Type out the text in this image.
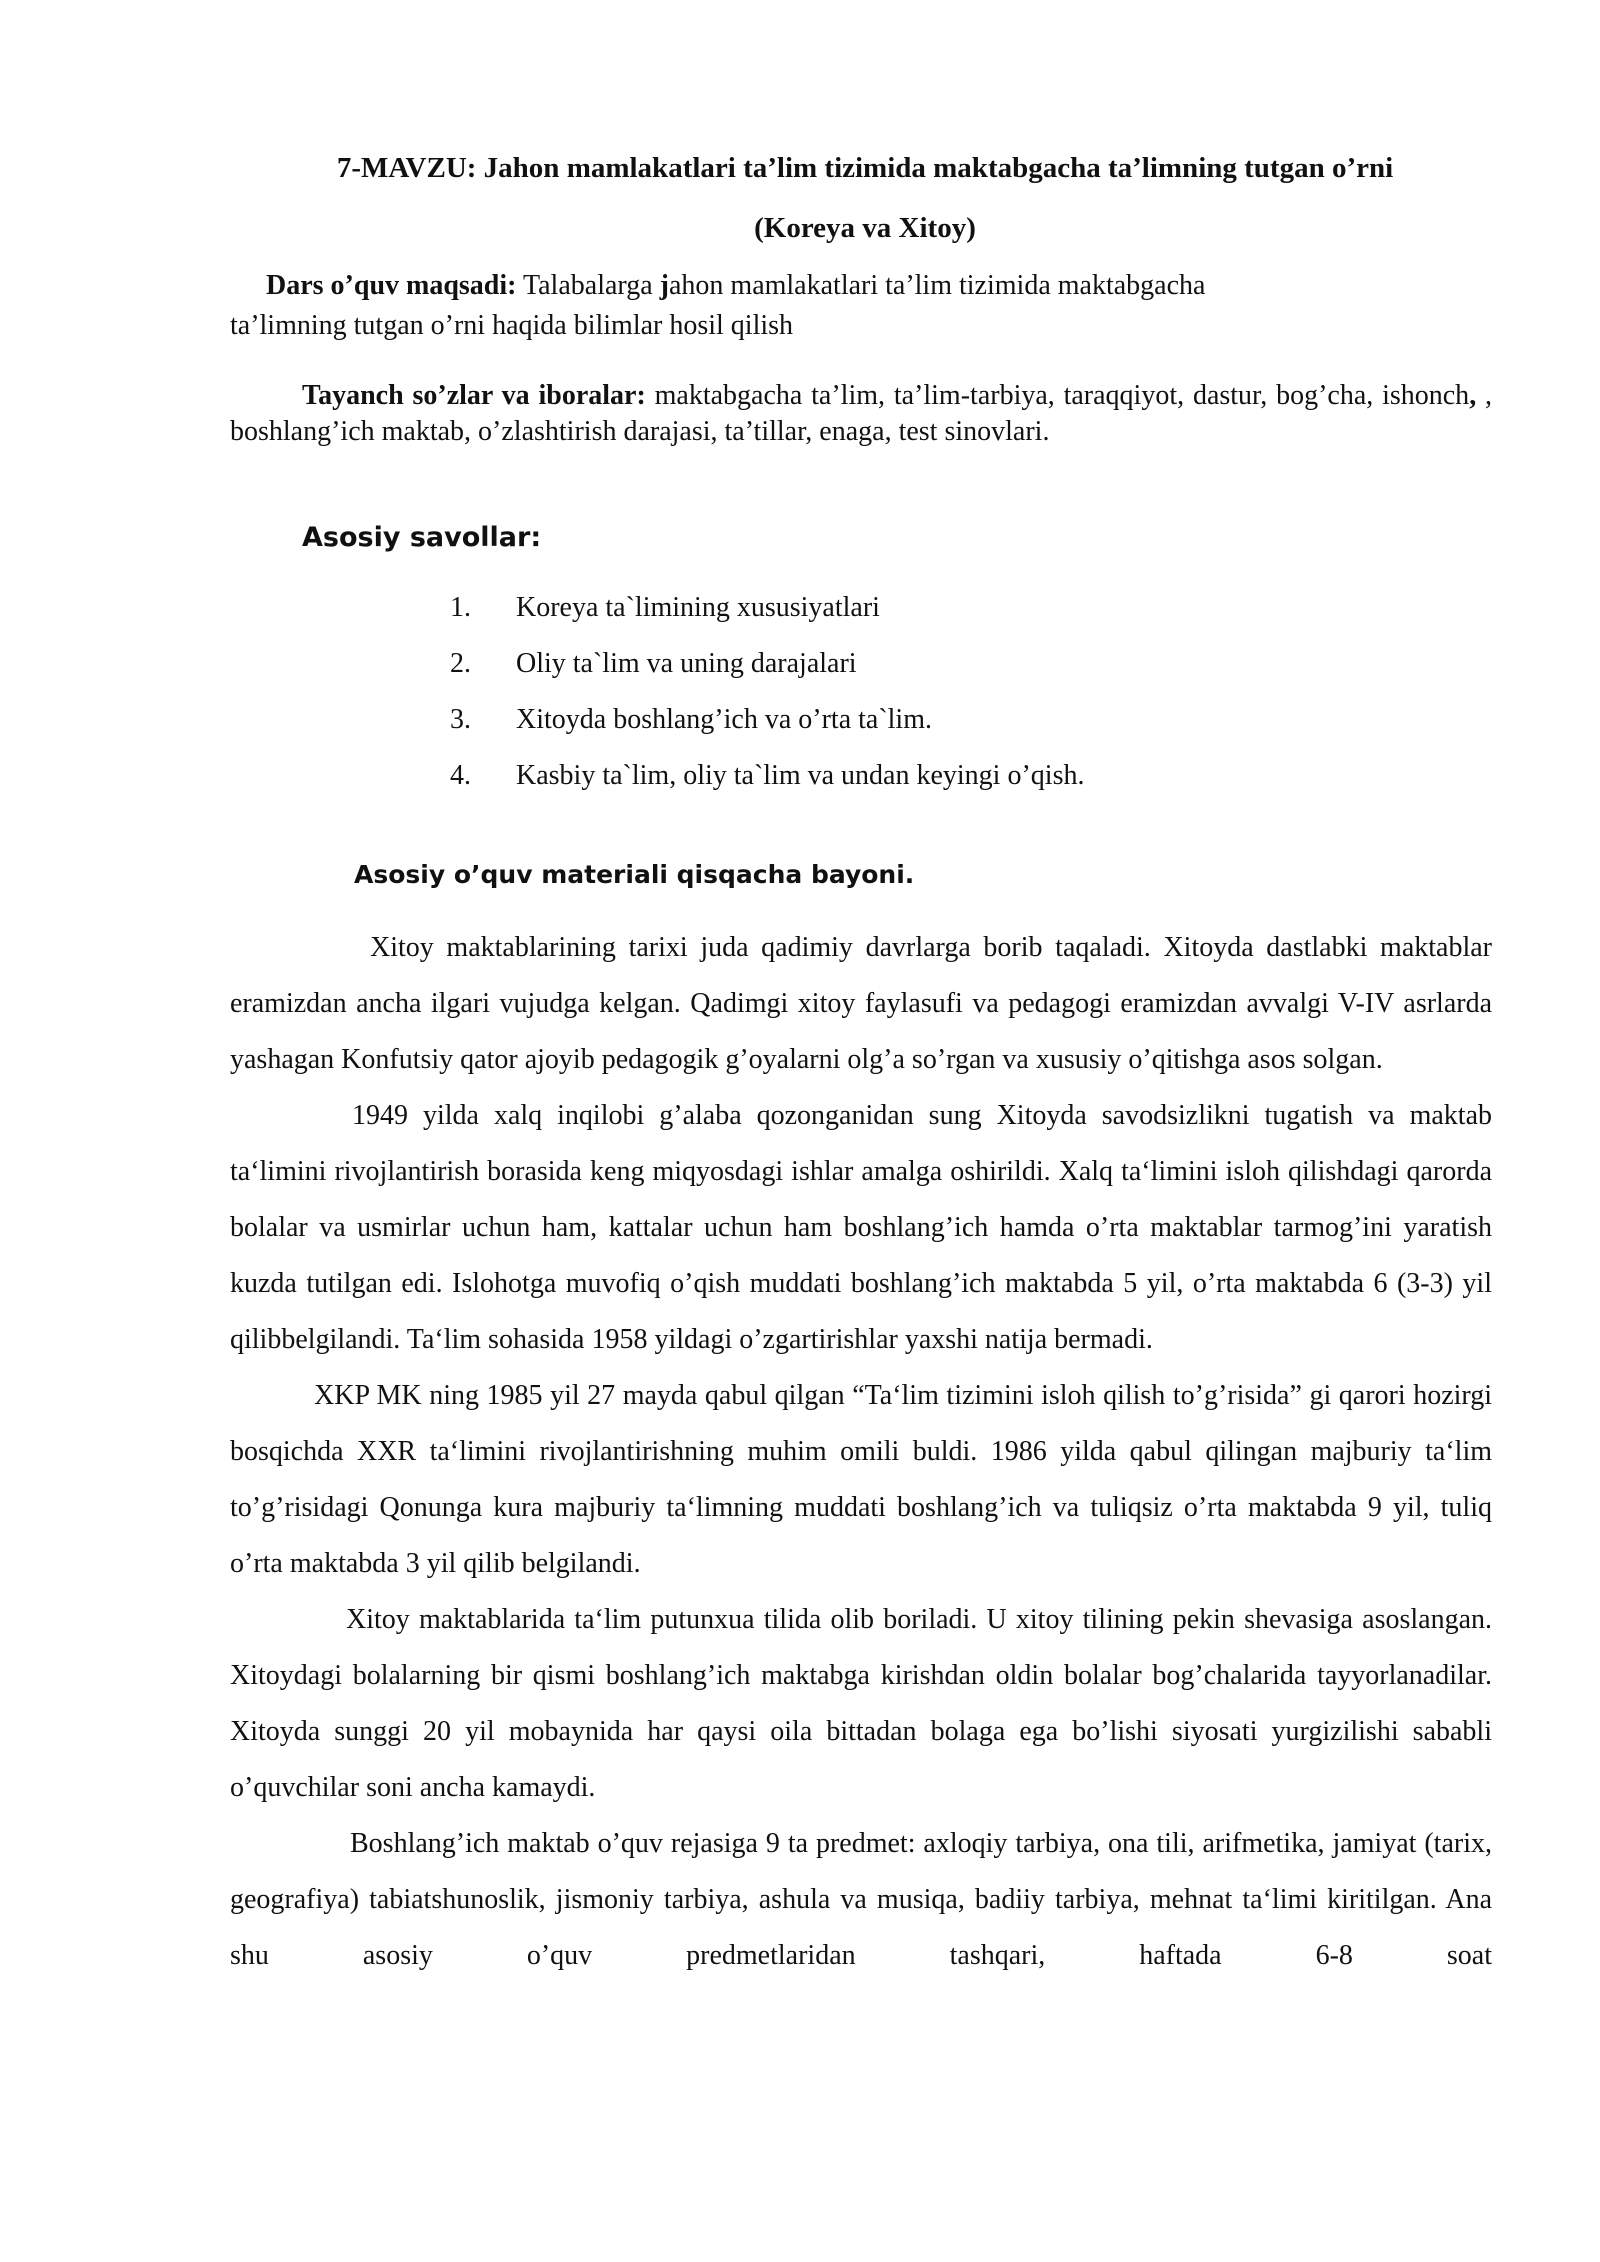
7-MAVZU: Jahon mamlakatlari ta’lim tizimida maktabgacha ta’limning tutgan o’rni
(Koreya va Xitoy)
Dars o’quv maqsadi: Talabalarga jahon mamlakatlari ta’lim tizimida maktabgacha
ta’limning tutgan o’rni haqida bilimlar hosil qilish
Tayanch so’zlar va iboralar: maktabgacha ta’lim, ta’lim-tarbiya, taraqqiyot, dastur, bog’cha, ishonch, , boshlang’ich maktab, o’zlashtirish darajasi, ta’tillar, enaga, test sinovlari.
Asosiy savollar:
1.	Koreya ta`limining xususiyatlari
2.	Oliy ta`lim va uning darajalari
3.	Xitoyda boshlang’ich va o’rta ta`lim.
4.	Kasbiy ta`lim, oliy ta`lim va undan keyingi o’qish.
Asosiy o’quv materiali qisqacha bayoni.

Xitoy maktablarining tarixi juda qadimiy davrlarga borib taqaladi. Xitoyda dastlabki maktablar eramizdan ancha ilgari vujudga kelgan. Qadimgi xitoy faylasufi va pedagogi eramizdan avvalgi V-IV asrlarda yashagan Konfutsiy qator ajoyib pedagogik g’oyalarni olg’a so’rgan va xususiy o’qitishga asos solgan.

1949 yilda xalq inqilobi g’alaba qozonganidan sung Xitoyda savodsizlikni tugatish va maktab ta‘limini rivojlantirish borasida keng miqyosdagi ishlar amalga oshirildi. Xalq ta‘limini isloh qilishdagi qarorda bolalar va usmirlar uchun ham, kattalar uchun ham boshlang’ich hamda o’rta maktablar tarmog’ini yaratish kuzda tutilgan edi. Islohotga muvofiq o’qish muddati boshlang’ich maktabda 5 yil, o’rta maktabda 6 (3-3) yil qilibbelgilandi. Ta‘lim sohasida 1958 yildagi o’zgartirishlar yaxshi natija bermadi.

XKP MK ning 1985 yil 27 mayda qabul qilgan “Ta‘lim tizimini isloh qilish to’g’risida” gi qarori hozirgi bosqichda XXR ta‘limini rivojlantirishning muhim omili buldi. 1986 yilda qabul qilingan majburiy ta‘lim to’g’risidagi Qonunga kura majburiy ta‘limning muddati boshlang’ich va tuliqsiz o’rta maktabda 9 yil, tuliq o’rta maktabda 3 yil qilib belgilandi.

Xitoy maktablarida ta‘lim putunxua tilida olib boriladi. U xitoy tilining pekin shevasiga asoslangan. Xitoydagi bolalarning bir qismi boshlang’ich maktabga kirishdan oldin bolalar bog’chalarida tayyorlanadilar. Xitoyda sunggi 20 yil mobaynida har qaysi oila bittadan bolaga ega bo’lishi siyosati yurgizilishi sababli o’quvchilar soni ancha kamaydi.

Boshlang’ich maktab o’quv rejasiga 9 ta predmet: axloqiy tarbiya, ona tili, arifmetika, jamiyat (tarix, geografiya) tabiatshunoslik, jismoniy tarbiya, ashula va musiqa, badiiy tarbiya, mehnat ta‘limi kiritilgan. Ana shu asosiy o’quv predmetlaridan tashqari, haftada 6-8 soat
